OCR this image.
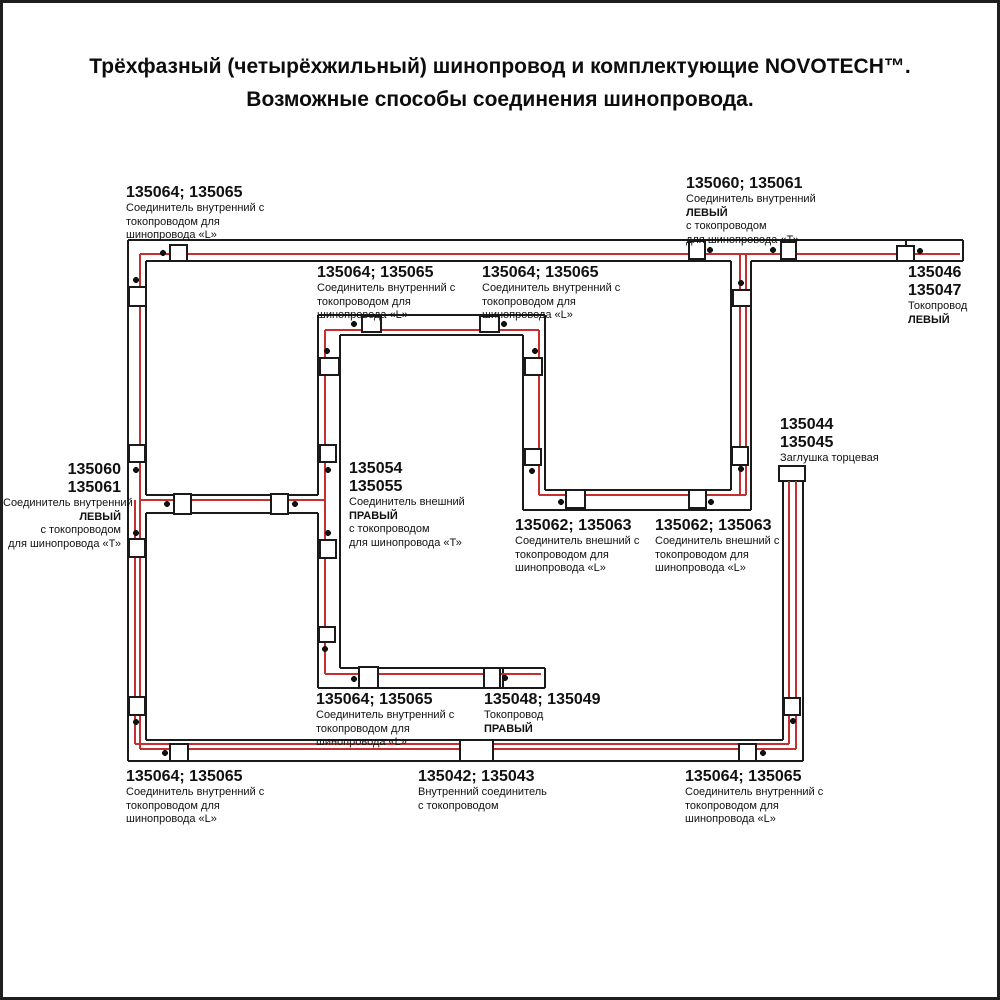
Трёхфазный (четырёхжильный) шинопровод и комплектующие NOVOTECH™.
Возможные способы соединения шинопровода.
135064; 135065
Соединитель внутренний с
токопроводом для
шинопровода «L»
135060; 135061
Соединитель внутренний
ЛЕВЫЙ
с токопроводом
для шинопровода «Т»
135046
135047
Токопровод
ЛЕВЫЙ
135064; 135065
Соединитель внутренний с
токопроводом для
шинопровода «L»
135064; 135065
Соединитель внутренний с
токопроводом для
шинопровода «L»
135044
135045
Заглушка торцевая
135060
135061
Соединитель внутренний
ЛЕВЫЙ
с токопроводом
для шинопровода «Т»
135054
135055
Соединитель внешний
ПРАВЫЙ
с токопроводом
для шинопровода «Т»
135062; 135063
Соединитель внешний с
токопроводом для
шинопровода «L»
135062; 135063
Соединитель внешний с
токопроводом для
шинопровода «L»
135064; 135065
Соединитель внутренний с
токопроводом для
шинопровода «L»
135048; 135049
Токопровод
ПРАВЫЙ
135064; 135065
Соединитель внутренний с
токопроводом для
шинопровода «L»
135042; 135043
Внутренний соединитель
с токопроводом
135064; 135065
Соединитель внутренний с
токопроводом для
шинопровода «L»
